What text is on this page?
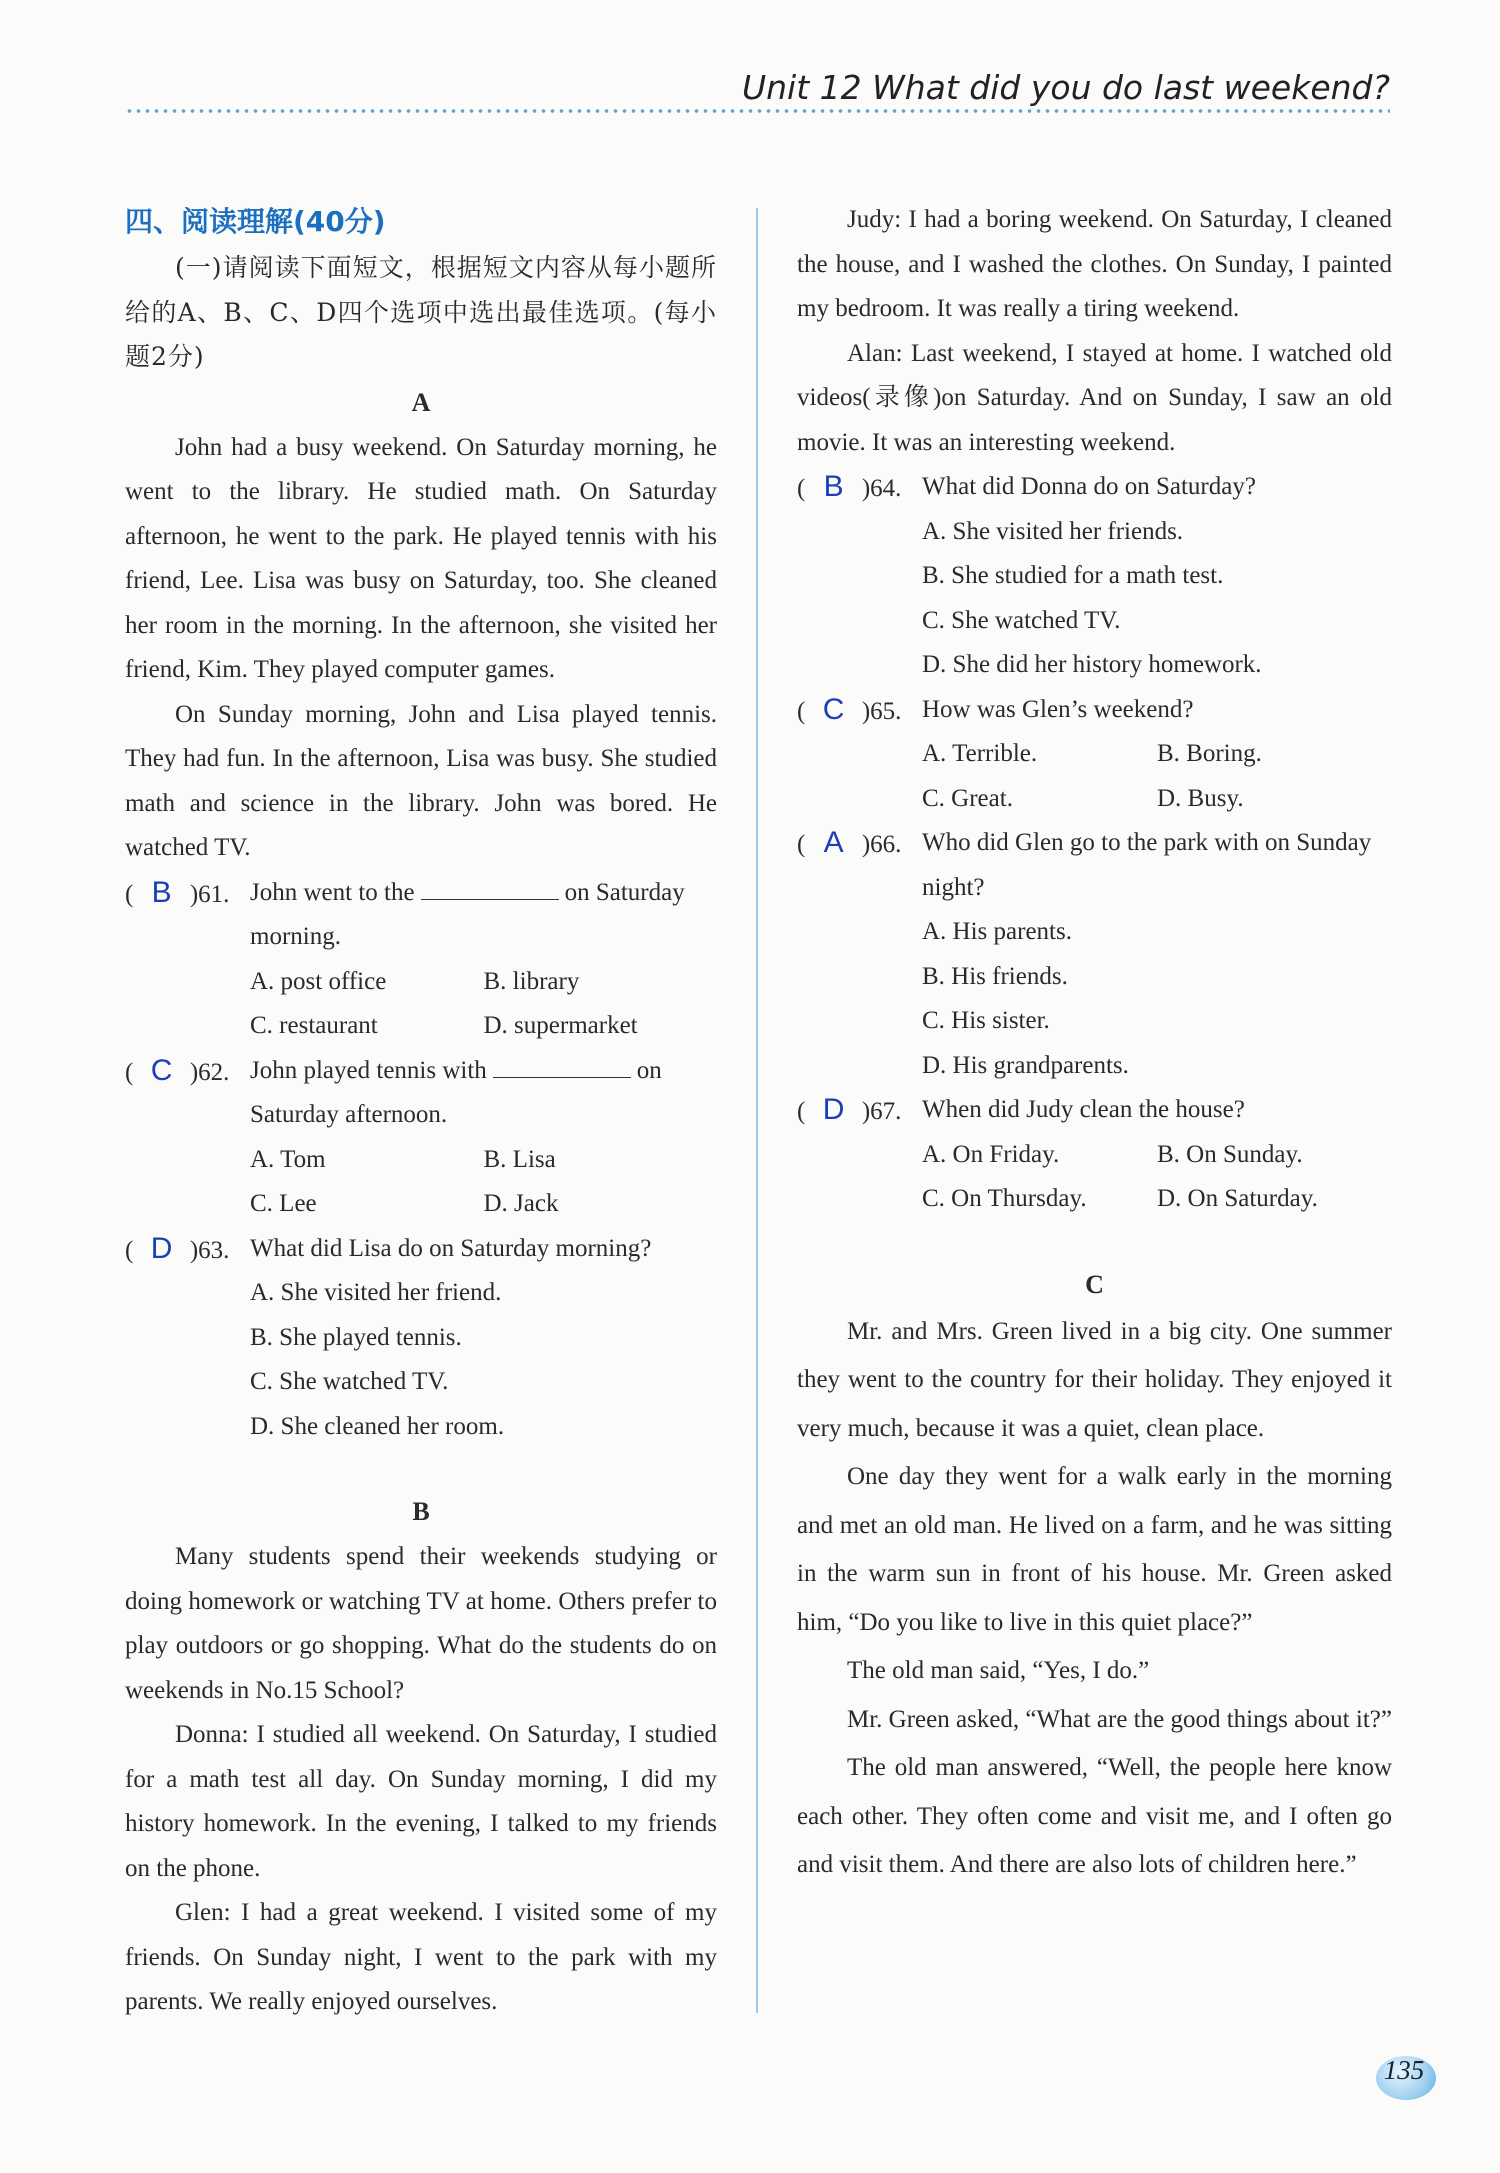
Unit 12 What did you do last weekend?
四、阅读理解(40分)
(一)请阅读下面短文，根据短文内容从每小题所给的A、B、C、D四个选项中选出最佳选项。(每小题2分)
A
John had a busy weekend. On Saturday morning, he went to the library. He studied math. On Saturday afternoon, he went to the park. He played tennis with his friend, Lee. Lisa was busy on Saturday, too. She cleaned her room in the morning. In the afternoon, she visited her friend, Kim. They played computer games.
On Sunday morning, John and Lisa played tennis. They had fun. In the afternoon, Lisa was busy. She studied math and science in the library. John was bored. He watched TV.
( B )61. John went to the	on Saturday morning.
A. post office	B. library
C. restaurant	D. supermarket
( C )62. John played tennis with	on Saturday afternoon.
A. Tom	B. Lisa
C. Lee	D. Jack
( D )63. What did Lisa do on Saturday morning?
A. She visited her friend.
B. She played tennis.
C. She watched TV.
D. She cleaned her room.
B
Many students spend their weekends studying or doing homework or watching TV at home. Others prefer to play outdoors or go shopping. What do the students do on weekends in No.15 School?
Donna: I studied all weekend. On Saturday, I studied for a math test all day. On Sunday morning, I did my history homework. In the evening, I talked to my friends on the phone.
Glen: I had a great weekend. I visited some of my friends. On Sunday night, I went to the park with my parents. We really enjoyed ourselves.
Judy: I had a boring weekend. On Saturday, I cleaned the house, and I washed the clothes. On Sunday, I painted my bedroom. It was really a tiring weekend.
Alan: Last weekend, I stayed at home. I watched old videos(录像)on Saturday. And on Sunday, I saw an old movie. It was an interesting weekend.
( B )64. What did Donna do on Saturday?
A. She visited her friends.
B. She studied for a math test.
C. She watched TV.
D. She did her history homework.
( C )65. How was Glen’s weekend?
A. Terrible.	B. Boring.
C. Great.	D. Busy.
( A )66. Who did Glen go to the park with on Sunday night?
A. His parents.
B. His friends.
C. His sister.
D. His grandparents.
( D )67. When did Judy clean the house?
A. On Friday.	B. On Sunday.
C. On Thursday.	D. On Saturday.
C
Mr. and Mrs. Green lived in a big city. One summer they went to the country for their holiday. They enjoyed it very much, because it was a quiet, clean place.
One day they went for a walk early in the morning and met an old man. He lived on a farm, and he was sitting in the warm sun in front of his house. Mr. Green asked him, “Do you like to live in this quiet place?”
The old man said, “Yes, I do.”
Mr. Green asked, “What are the good things about it?”
The old man answered, “Well, the people here know each other. They often come and visit me, and I often go and visit them. And there are also lots of children here.”
135
